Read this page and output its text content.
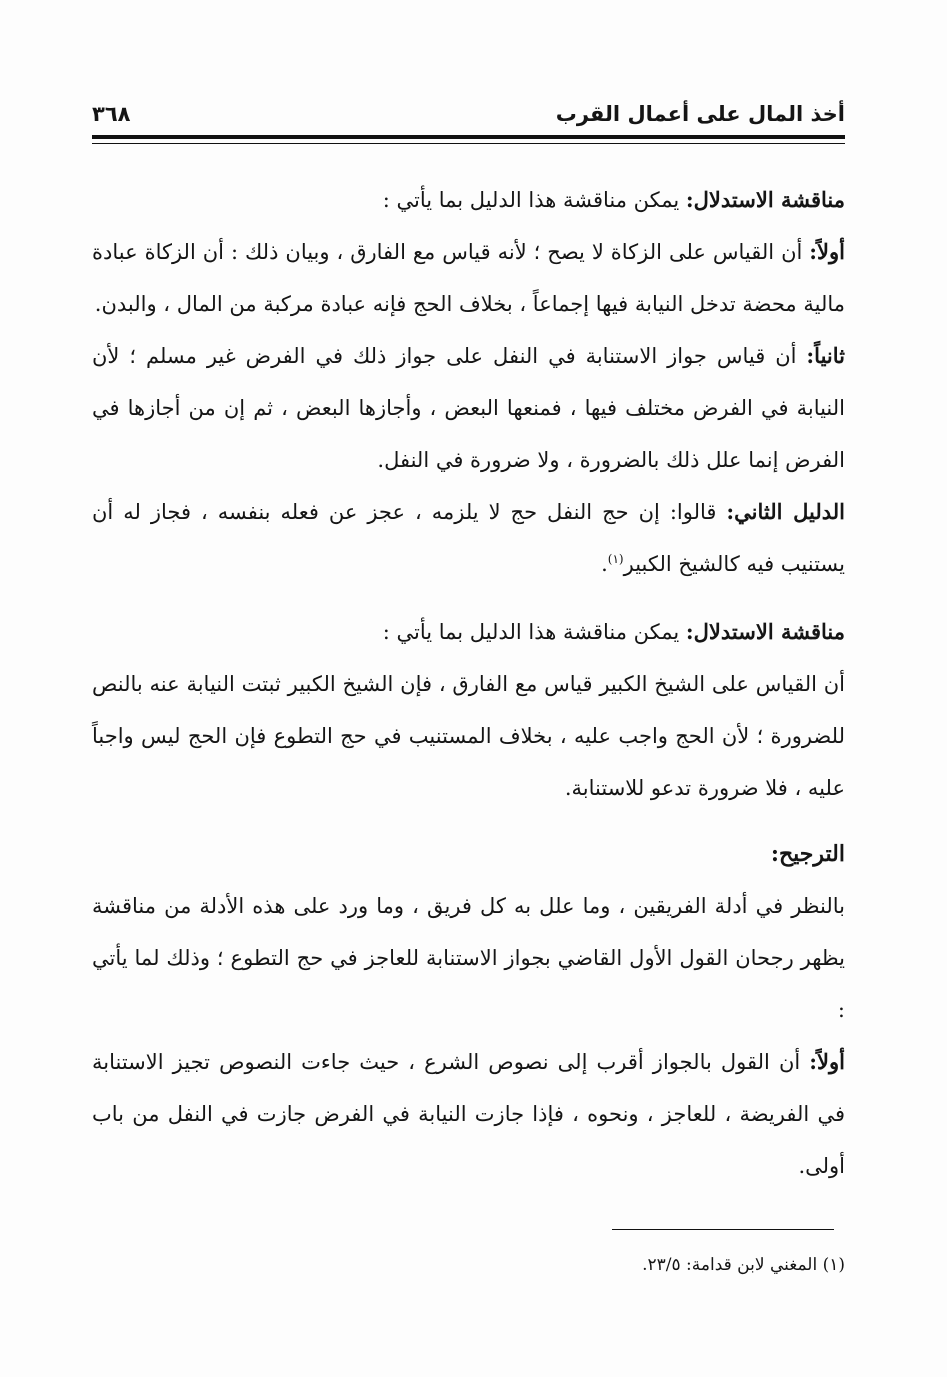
أخذ المال على أعمال القرب
٣٦٨

مناقشة الاستدلال: يمكن مناقشة هذا الدليل بما يأتي :

أولاً: أن القياس على الزكاة لا يصح ؛ لأنه قياس مع الفارق ، وبيان ذلك : أن الزكاة عبادة مالية محضة تدخل النيابة فيها إجماعاً ، بخلاف الحج فإنه عبادة مركبة من المال ، والبدن.

ثانياً: أن قياس جواز الاستنابة في النفل على جواز ذلك في الفرض غير مسلم ؛ لأن النيابة في الفرض مختلف فيها ، فمنعها البعض ، وأجازها البعض ، ثم إن من أجازها في الفرض إنما علل ذلك بالضرورة ، ولا ضرورة في النفل.

الدليل الثاني: قالوا: إن حج النفل حج لا يلزمه ، عجز عن فعله بنفسه ، فجاز له أن يستنيب فيه كالشيخ الكبير$^{(١)}$.

مناقشة الاستدلال: يمكن مناقشة هذا الدليل بما يأتي :

أن القياس على الشيخ الكبير قياس مع الفارق ، فإن الشيخ الكبير ثبتت النيابة عنه بالنص للضرورة ؛ لأن الحج واجب عليه ، بخلاف المستنيب في حج التطوع فإن الحج ليس واجباً عليه ، فلا ضرورة تدعو للاستنابة.

الترجيح:

بالنظر في أدلة الفريقين ، وما علل به كل فريق ، وما ورد على هذه الأدلة من مناقشة يظهر رجحان القول الأول القاضي بجواز الاستنابة للعاجز في حج التطوع ؛ وذلك لما يأتي :

أولاً: أن القول بالجواز أقرب إلى نصوص الشرع ، حيث جاءت النصوص تجيز الاستنابة في الفريضة ، للعاجز ، ونحوه ، فإذا جازت النيابة في الفرض جازت في النفل من باب أولى.

(١) المغني لابن قدامة: ٢٣/٥.
